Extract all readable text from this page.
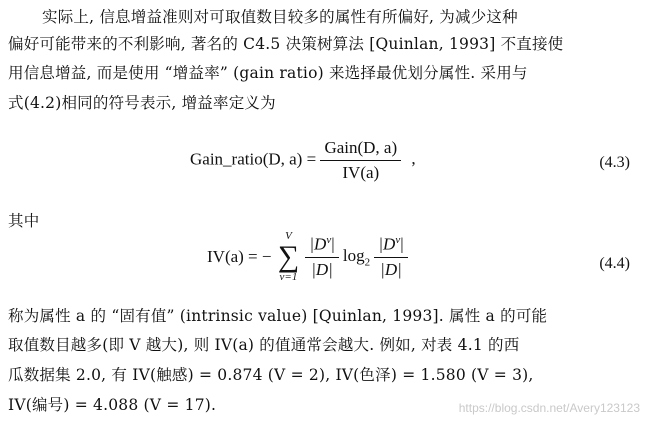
实际上, 信息增益准则对可取值数目较多的属性有所偏好, 为减少这种
偏好可能带来的不利影响, 著名的 C4.5 决策树算法 [Quinlan, 1993] 不直接使
用信息增益, 而是使用 “增益率” (gain ratio) 来选择最优划分属性. 采用与
式(4.2)相同的符号表示, 增益率定义为
Gain_ratio(D, $a) = \frac{\text{Gain(D, a)}}{IV(a)}$ ,	(4.3)
其中
IV(a) = −
V
∑
v=1
$\frac{|D^v|}{|D|} \log_2 \frac{|D^v|}{|D|}$	(4.4)
称为属性 a 的 “固有值” (intrinsic value) [Quinlan, 1993]. 属性 a 的可能
取值数目越多(即 V 越大), 则 IV(a) 的值通常会越大. 例如, 对表 4.1 的西
瓜数据集 2.0, 有 IV(触感) = 0.874 (V = 2), IV(色泽) = 1.580 (V = 3),
IV(编号) = 4.088 (V = 17).	https://blog.csdn.net/Avery123123
